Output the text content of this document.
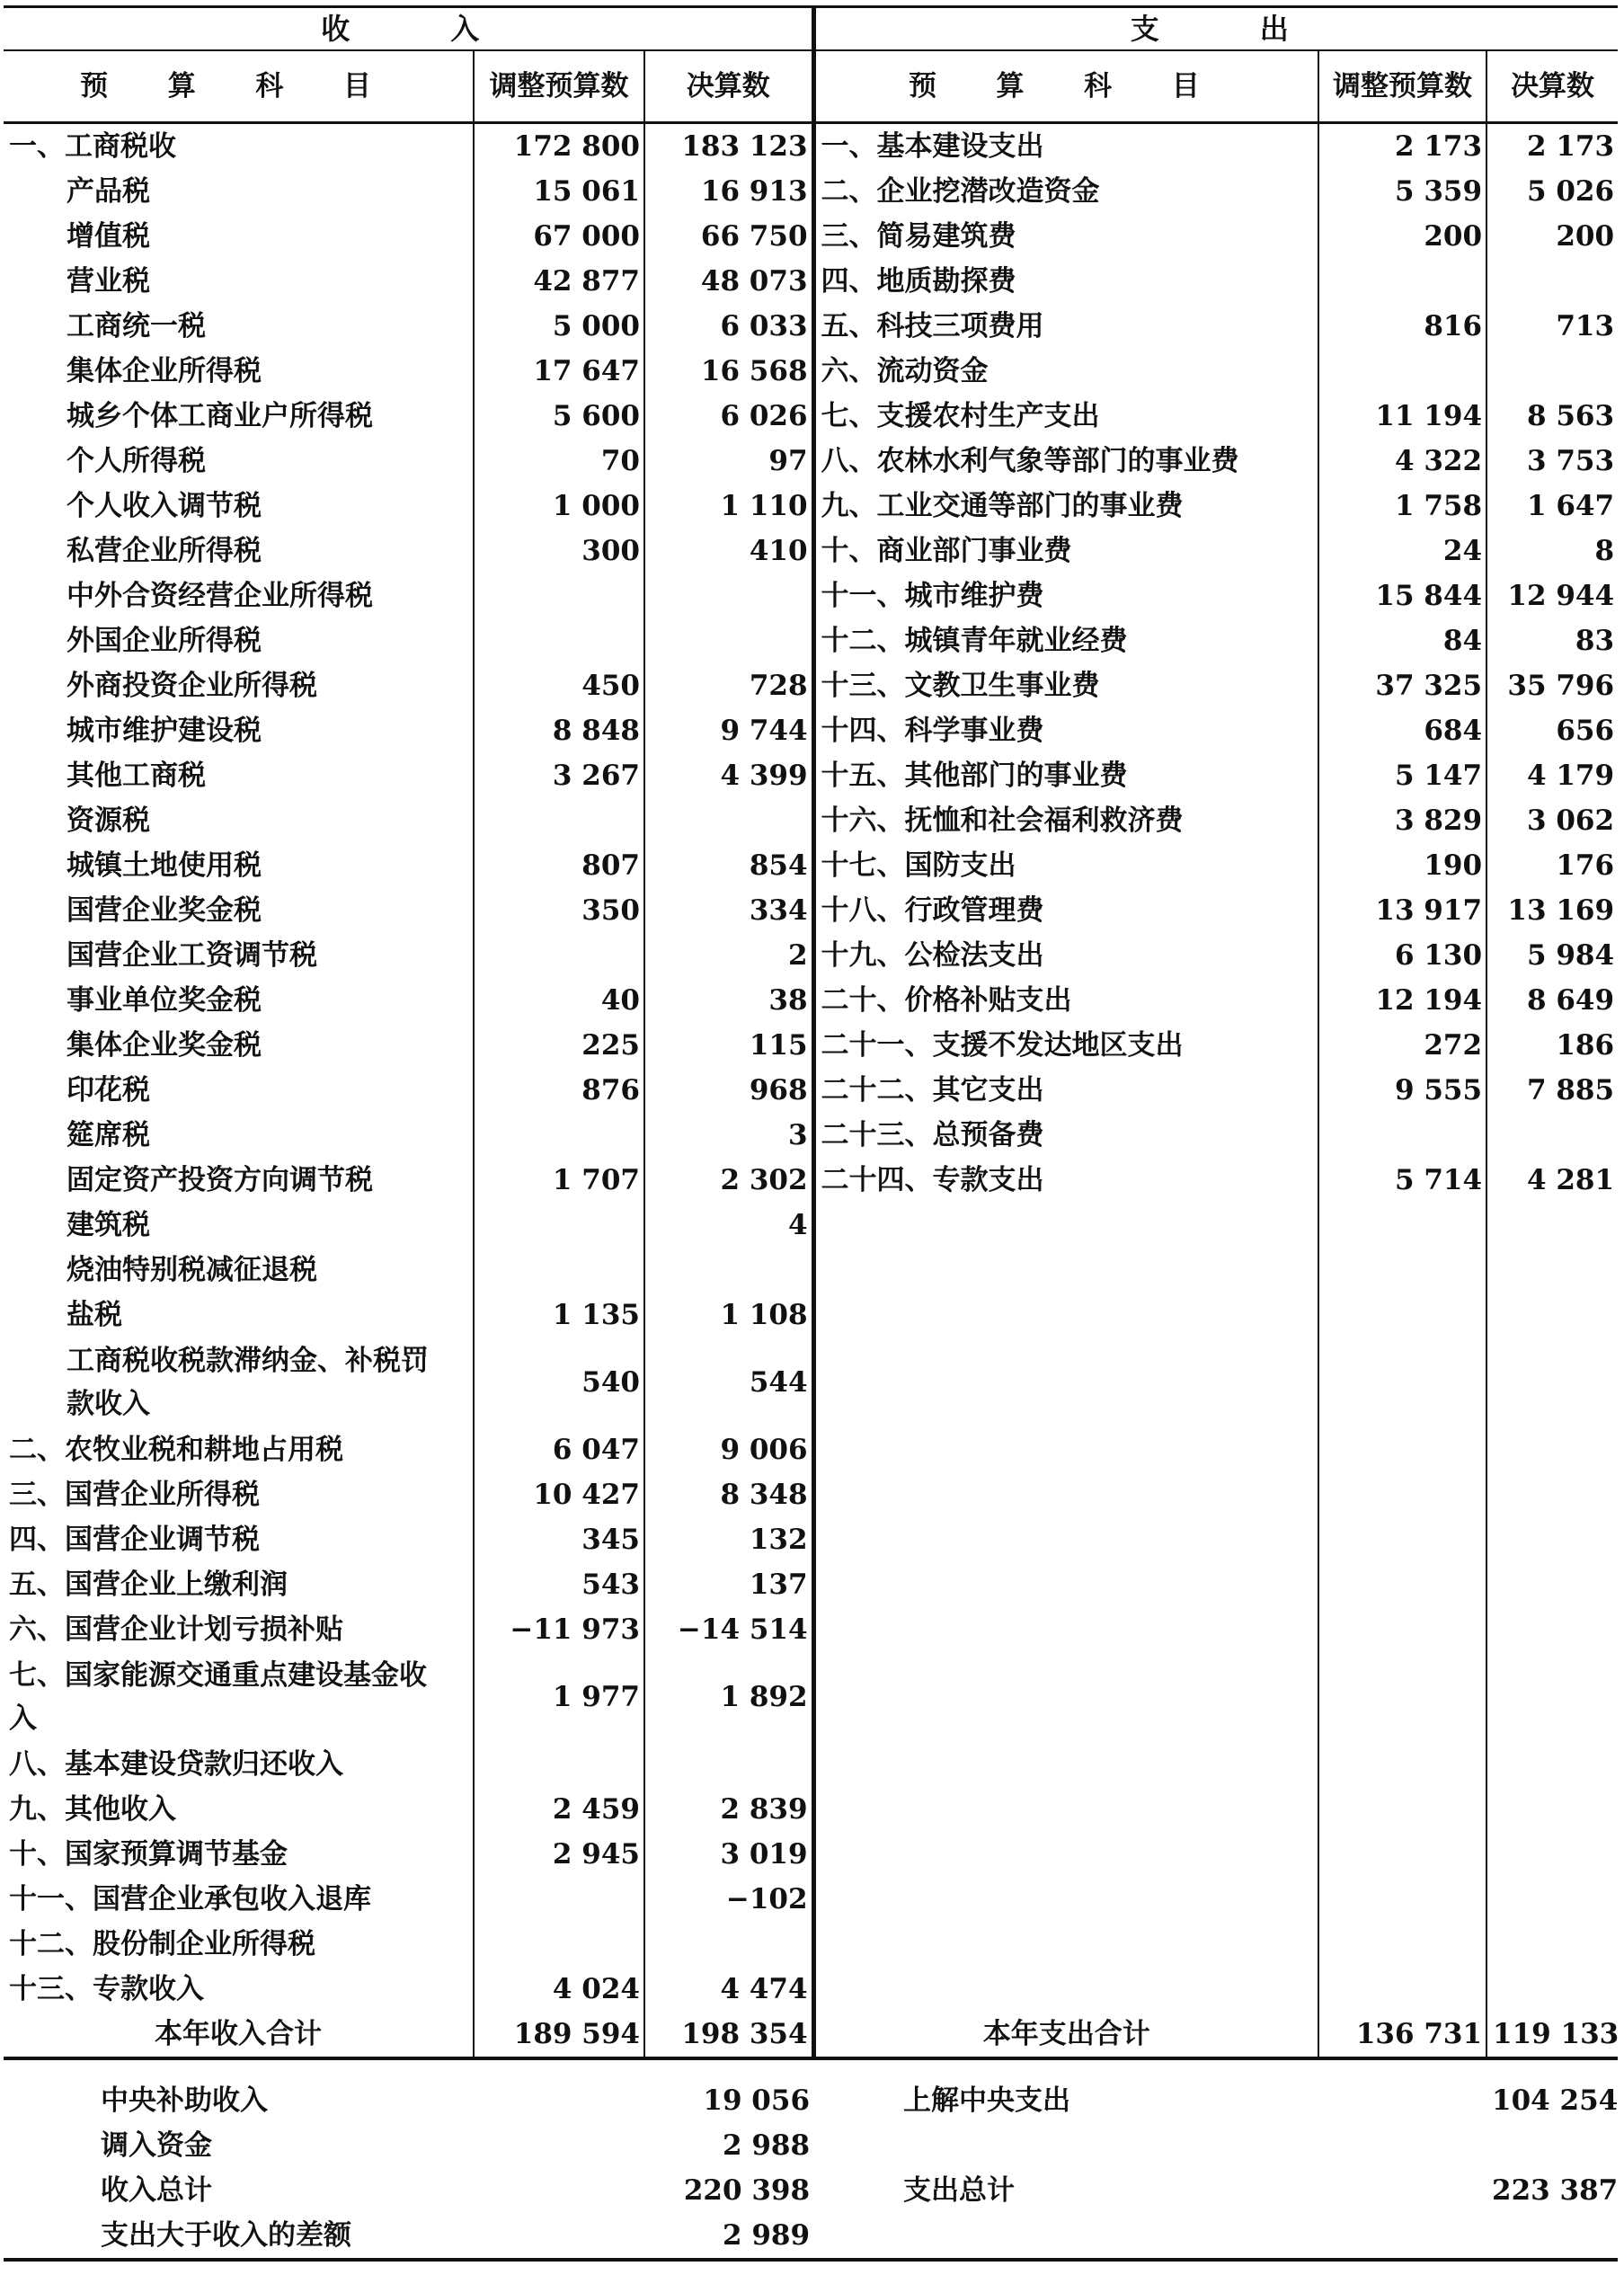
收　　入			支　　出		
预 算 科 目	调整预算数	决算数	预 算 科 目	调整预算数	决算数
一、工商税收	172 800	183 123	一、基本建设支出	2 173	2 173
产品税	15 061	16 913	二、企业挖潜改造资金	5 359	5 026
增值税	67 000	66 750	三、简易建筑费	200	200
营业税	42 877	48 073	四、地质勘探费		
工商统一税	5 000	6 033	五、科技三项费用	816	713
集体企业所得税	17 647	16 568	六、流动资金		
城乡个体工商业户所得税	5 600	6 026	七、支援农村生产支出	11 194	8 563
个人所得税	70	97	八、农林水利气象等部门的事业费	4 322	3 753
个人收入调节税	1 000	1 110	九、工业交通等部门的事业费	1 758	1 647
私营企业所得税	300	410	十、商业部门事业费	24	8
中外合资经营企业所得税			十一、城市维护费	15 844	12 944
外国企业所得税			十二、城镇青年就业经费	84	83
外商投资企业所得税	450	728	十三、文教卫生事业费	37 325	35 796
城市维护建设税	8 848	9 744	十四、科学事业费	684	656
其他工商税	3 267	4 399	十五、其他部门的事业费	5 147	4 179
资源税			十六、抚恤和社会福利救济费	3 829	3 062
城镇土地使用税	807	854	十七、国防支出	190	176
国营企业奖金税	350	334	十八、行政管理费	13 917	13 169
国营企业工资调节税		2	十九、公检法支出	6 130	5 984
事业单位奖金税	40	38	二十、价格补贴支出	12 194	8 649
集体企业奖金税	225	115	二十一、支援不发达地区支出	272	186
印花税	876	968	二十二、其它支出	9 555	7 885
筵席税		3	二十三、总预备费		
固定资产投资方向调节税	1 707	2 302	二十四、专款支出	5 714	4 281
建筑税		4			
烧油特别税减征退税					
盐税	1 135	1 108			
工商税收税款滞纳金、补税罚款收入	540	544			
二、农牧业税和耕地占用税	6 047	9 006			
三、国营企业所得税	10 427	8 348			
四、国营企业调节税	345	132			
五、国营企业上缴利润	543	137			
六、国营企业计划亏损补贴	−11 973	−14 514			
七、国家能源交通重点建设基金收入	1 977	1 892			
八、基本建设贷款归还收入					
九、其他收入	2 459	2 839			
十、国家预算调节基金	2 945	3 019			
十一、国营企业承包收入退库		−102			
十二、股份制企业所得税					
十三、专款收入	4 024	4 474			
本年收入合计	189 594	198 354	本年支出合计	136 731	119 133
中央补助收入		19 056	上解中央支出		104 254
调入资金		2 988			
收入总计		220 398	支出总计		223 387
支出大于收入的差额		2 989			
